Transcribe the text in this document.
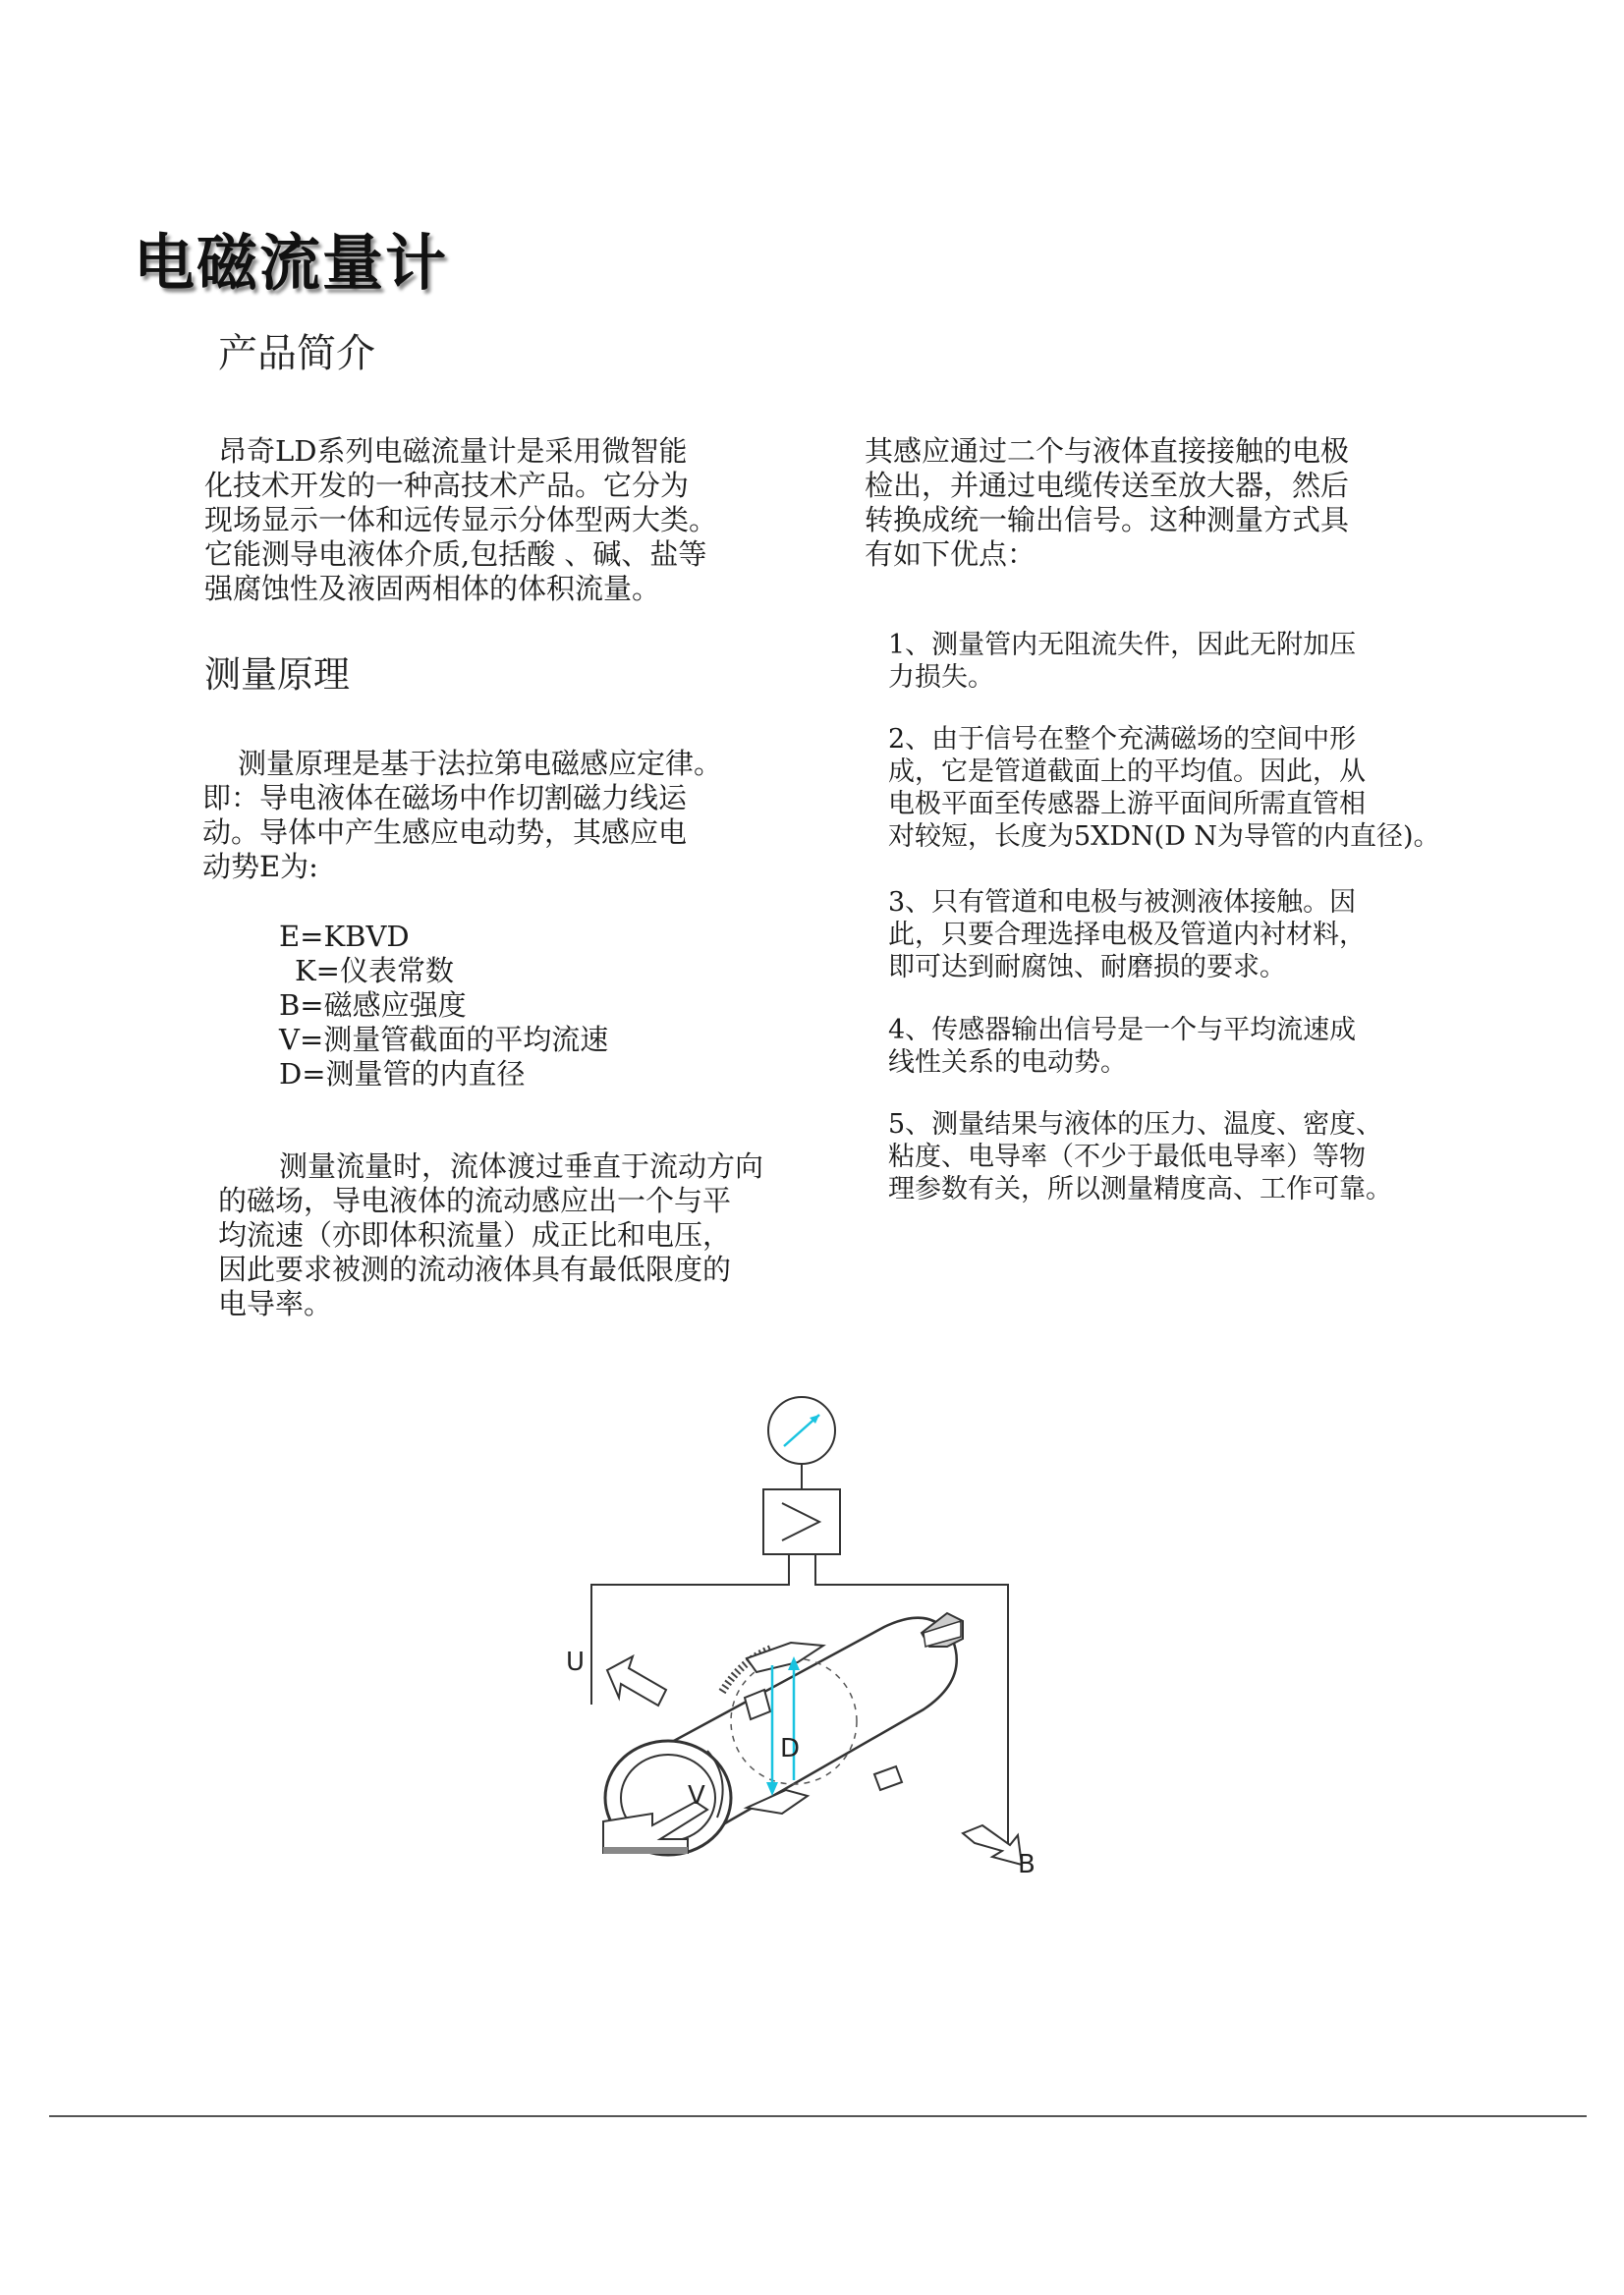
电磁流量计
产品简介
昂奇LD系列电磁流量计是采用微智能
化技术开发的一种高技术产品。它分为
现场显示一体和远传显示分体型两大类。
它能测导电液体介质,包括酸 、碱、盐等
强腐蚀性及液固两相体的体积流量。
测量原理
测量原理是基于法拉第电磁感应定律。
即：导电液体在磁场中作切割磁力线运
动。导体中产生感应电动势，其感应电
动势E为:
E=KBVD
K=仪表常数
B=磁感应强度
V=测量管截面的平均流速
D=测量管的内直径
测量流量时，流体渡过垂直于流动方向
的磁场，导电液体的流动感应出一个与平
均流速（亦即体积流量）成正比和电压，
因此要求被测的流动液体具有最低限度的
电导率。
其感应通过二个与液体直接接触的电极
检出，并通过电缆传送至放大器，然后
转换成统一输出信号。这种测量方式具
有如下优点：
1、测量管内无阻流失件，因此无附加压
力损失。
2、由于信号在整个充满磁场的空间中形
成，它是管道截面上的平均值。因此，从
电极平面至传感器上游平面间所需直管相
对较短，长度为5XDN(D N为导管的内直径)。
3、只有管道和电极与被测液体接触。因
此，只要合理选择电极及管道内衬材料，
即可达到耐腐蚀、耐磨损的要求。
4、传感器输出信号是一个与平均流速成
线性关系的电动势。
5、测量结果与液体的压力、温度、密度、
粘度、电导率（不少于最低电导率）等物
理参数有关，所以测量精度高、工作可靠。
U
D
V
B
